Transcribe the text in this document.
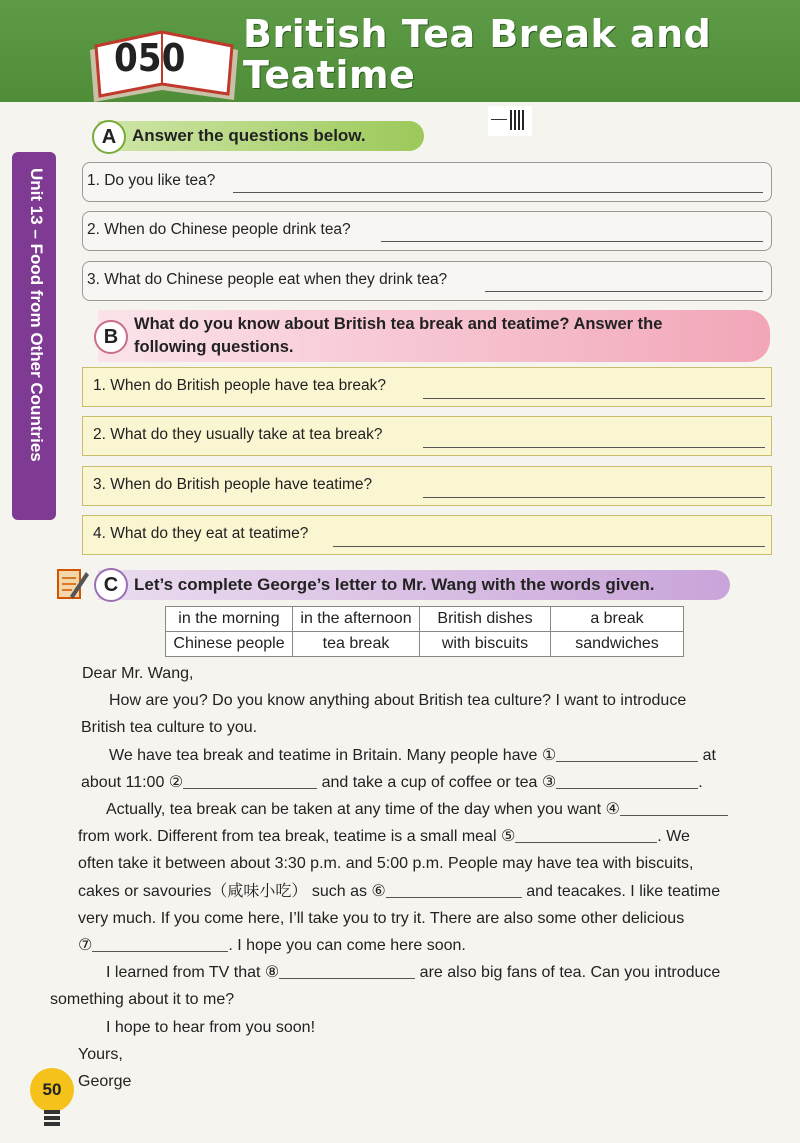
050
British Tea Break and
Teatime
Unit 13 – Food from Other Countries
Answer the questions below.
A
1. Do you like tea?
2. When do Chinese people drink tea?
3. What do Chinese people eat when they drink tea?
What do you know about British tea break and teatime? Answer the
following questions.
B
1. When do British people have tea break?
2. What do they usually take at tea break?
3. When do British people have teatime?
4. What do they eat at teatime?
Let’s complete George’s letter to Mr. Wang with the words given.
C
in the morning	in the afternoon	British dishes	a break
Chinese people	tea break	with biscuits	sandwiches

Dear Mr. Wang,

How are you? Do you know anything about British tea culture? I want to introduce
British tea culture to you.

We have tea break and teatime in Britain. Many people have ①	at
about 11:00 ②	and take a cup of coffee or tea ③	.

Actually, tea break can be taken at any time of the day when you want ④
from work. Different from tea break, teatime is a small meal ⑤	. We
often take it between about 3:30 p.m. and 5:00 p.m. People may have tea with biscuits,
cakes or savouries（咸味小吃） such as ⑥	and teacakes. I like teatime
very much. If you come here, I’ll take you to try it. There are also some other delicious
⑦	. I hope you can come here soon.

I learned from TV that ⑧	are also big fans of tea. Can you introduce
something about it to me?

I hope to hear from you soon!

Yours,

George

50
